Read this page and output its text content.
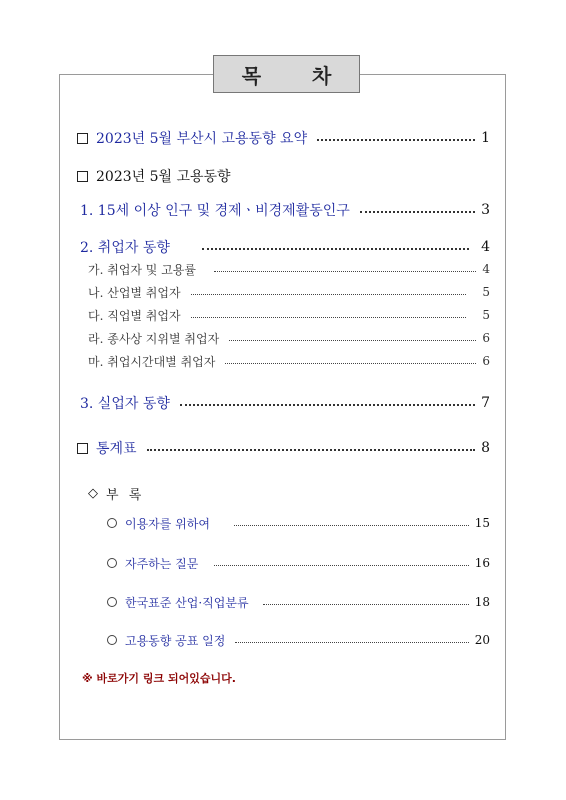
목 차
2023년 5월 부산시 고용동향 요약	1
2023년 5월 고용동향
1. 15세 이상 인구 및 경제ㆍ비경제활동인구	3
2. 취업자 동향	4
가. 취업자 및 고용률	4
나. 산업별 취업자	5
다. 직업별 취업자	5
라. 종사상 지위별 취업자	6
마. 취업시간대별 취업자	6
3. 실업자 동향	7
통계표	8
◇ 부 록
이용자를 위하여	15
자주하는 질문	16
한국표준 산업·직업분류	18
고용동향 공표 일정	20
※ 바로가기 링크 되어있습니다.
